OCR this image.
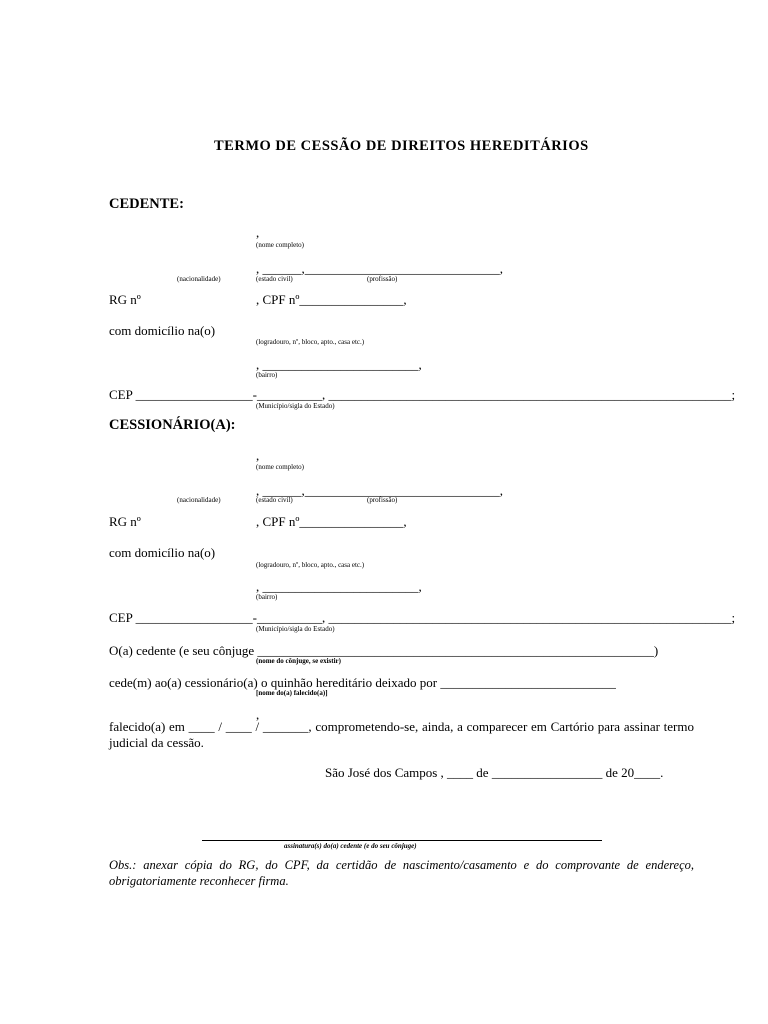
TERMO DE CESSÃO DE DIREITOS HEREDITÁRIOS
CEDENTE:
,
(nome completo)
, ______,______________________________,
(nacionalidade)	(estado civil)	(profissão)
RG nº	, CPF nº________________,
com domicílio na(o)
(logradouro, nº, bloco, apto., casa etc.)
, ________________________,
(bairro)
CEP __________________-__________, ______________________________________________________________;
(Município/sigla do Estado)
CESSIONÁRIO(A):
,
(nome completo)
, ______,______________________________,
(nacionalidade)	(estado civil)	(profissão)
RG nº	, CPF nº________________,
com domicílio na(o)
(logradouro, nº, bloco, apto., casa etc.)
, ________________________,
(bairro)
CEP __________________-__________, ______________________________________________________________;
(Município/sigla do Estado)
O(a) cedente (e seu cônjuge _____________________________________________________________)
(nome do cônjuge, se existir)
cede(m) ao(a) cessionário(a) o quinhão hereditário deixado por ___________________________
[nome do(a) falecido(a)]
,
falecido(a) em ____ / ____ / _______, comprometendo-se, ainda, a comparecer em Cartório para assinar termo judicial da cessão.
São José dos Campos , ____ de _________________ de 20____.
assinatura(s) do(a) cedente (e do seu cônjuge)
Obs.: anexar cópia do RG, do CPF, da certidão de nascimento/casamento e do comprovante de endereço, obrigatoriamente reconhecer firma.
